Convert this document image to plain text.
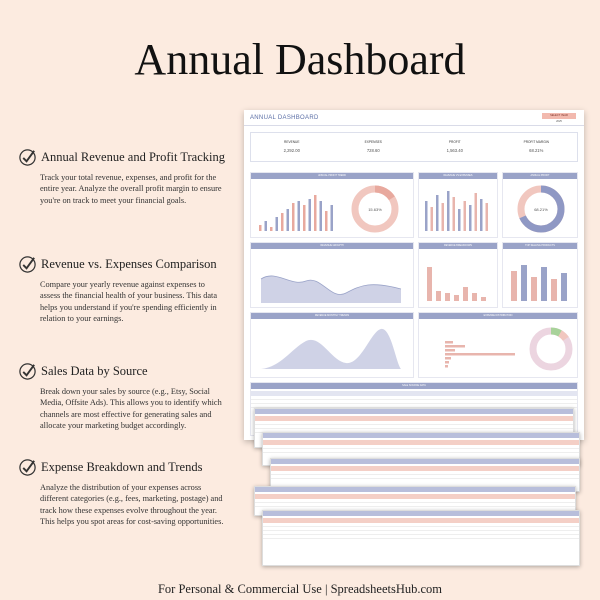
Annual Dashboard
Annual Revenue and Profit Tracking
Track your total revenue, expenses, and profit for the entire year. Analyze the overall profit margin to ensure you're on track to meet your financial goals.
Revenue vs. Expenses Comparison
Compare your yearly revenue against expenses to assess the financial health of your business. This data helps you understand if you're spending efficiently in relation to your earnings.
Sales Data by Source
Break down your sales by source (e.g., Etsy, Social Media, Offsite Ads). This allows you to identify which channels are most effective for generating sales and allocate your marketing budget accordingly.
Expense Breakdown and Trends
Analyze the distribution of your expenses across different categories (e.g., fees, marketing, postage) and track how these expenses evolve throughout the year. This helps you spot areas for cost-saving opportunities.
ANNUAL DASHBOARD	SELECT YEAR
2025
REVENUE
2,292.00
EXPENSES
728.60
PROFIT
1,563.40
PROFIT MARGIN
68.21%
ANNUAL PROFIT TREND
15.63%
REVENUE VS EXPENSES	ANNUAL PROFIT
68.21%
REVENUE GROWTH	REVENUE BREAKDOWN	TOP SELLING PRODUCTS
REVENUE MONTHLY TRENDS	EXPENSE DISTRIBUTION
SALE SOURCE DATA
For Personal & Commercial Use | SpreadsheetsHub.com
